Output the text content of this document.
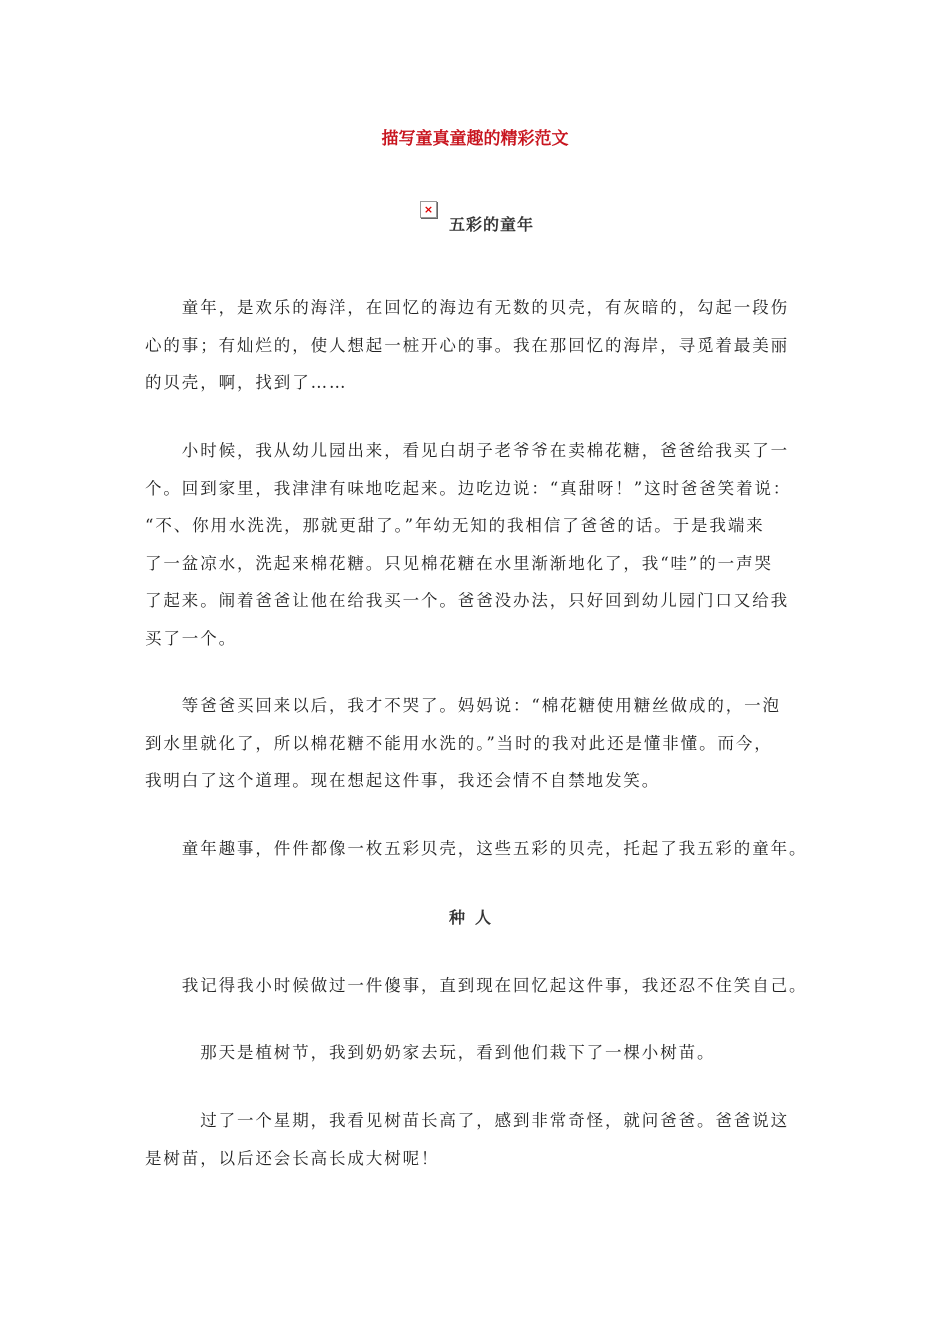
描写童真童趣的精彩范文
×
五彩的童年
　　童年，是欢乐的海洋，在回忆的海边有无数的贝壳，有灰暗的，勾起一段伤
心的事；有灿烂的，使人想起一桩开心的事。我在那回忆的海岸，寻觅着最美丽
的贝壳，啊，找到了……
　　小时候，我从幼儿园出来，看见白胡子老爷爷在卖棉花糖，爸爸给我买了一
个。回到家里，我津津有味地吃起来。边吃边说：“真甜呀！”这时爸爸笑着说：
“不、你用水洗洗，那就更甜了。”年幼无知的我相信了爸爸的话。于是我端来
了一盆凉水，洗起来棉花糖。只见棉花糖在水里渐渐地化了，我“哇”的一声哭
了起来。闹着爸爸让他在给我买一个。爸爸没办法，只好回到幼儿园门口又给我
买了一个。
　　等爸爸买回来以后，我才不哭了。妈妈说：“棉花糖使用糖丝做成的，一泡
到水里就化了，所以棉花糖不能用水洗的。”当时的我对此还是懂非懂。而今，
我明白了这个道理。现在想起这件事，我还会情不自禁地发笑。
　　童年趣事，件件都像一枚五彩贝壳，这些五彩的贝壳，托起了我五彩的童年。
种人
　　我记得我小时候做过一件傻事，直到现在回忆起这件事，我还忍不住笑自己。
　　　那天是植树节，我到奶奶家去玩，看到他们栽下了一棵小树苗。
　　　过了一个星期，我看见树苗长高了，感到非常奇怪，就问爸爸。爸爸说这
是树苗，以后还会长高长成大树呢！
